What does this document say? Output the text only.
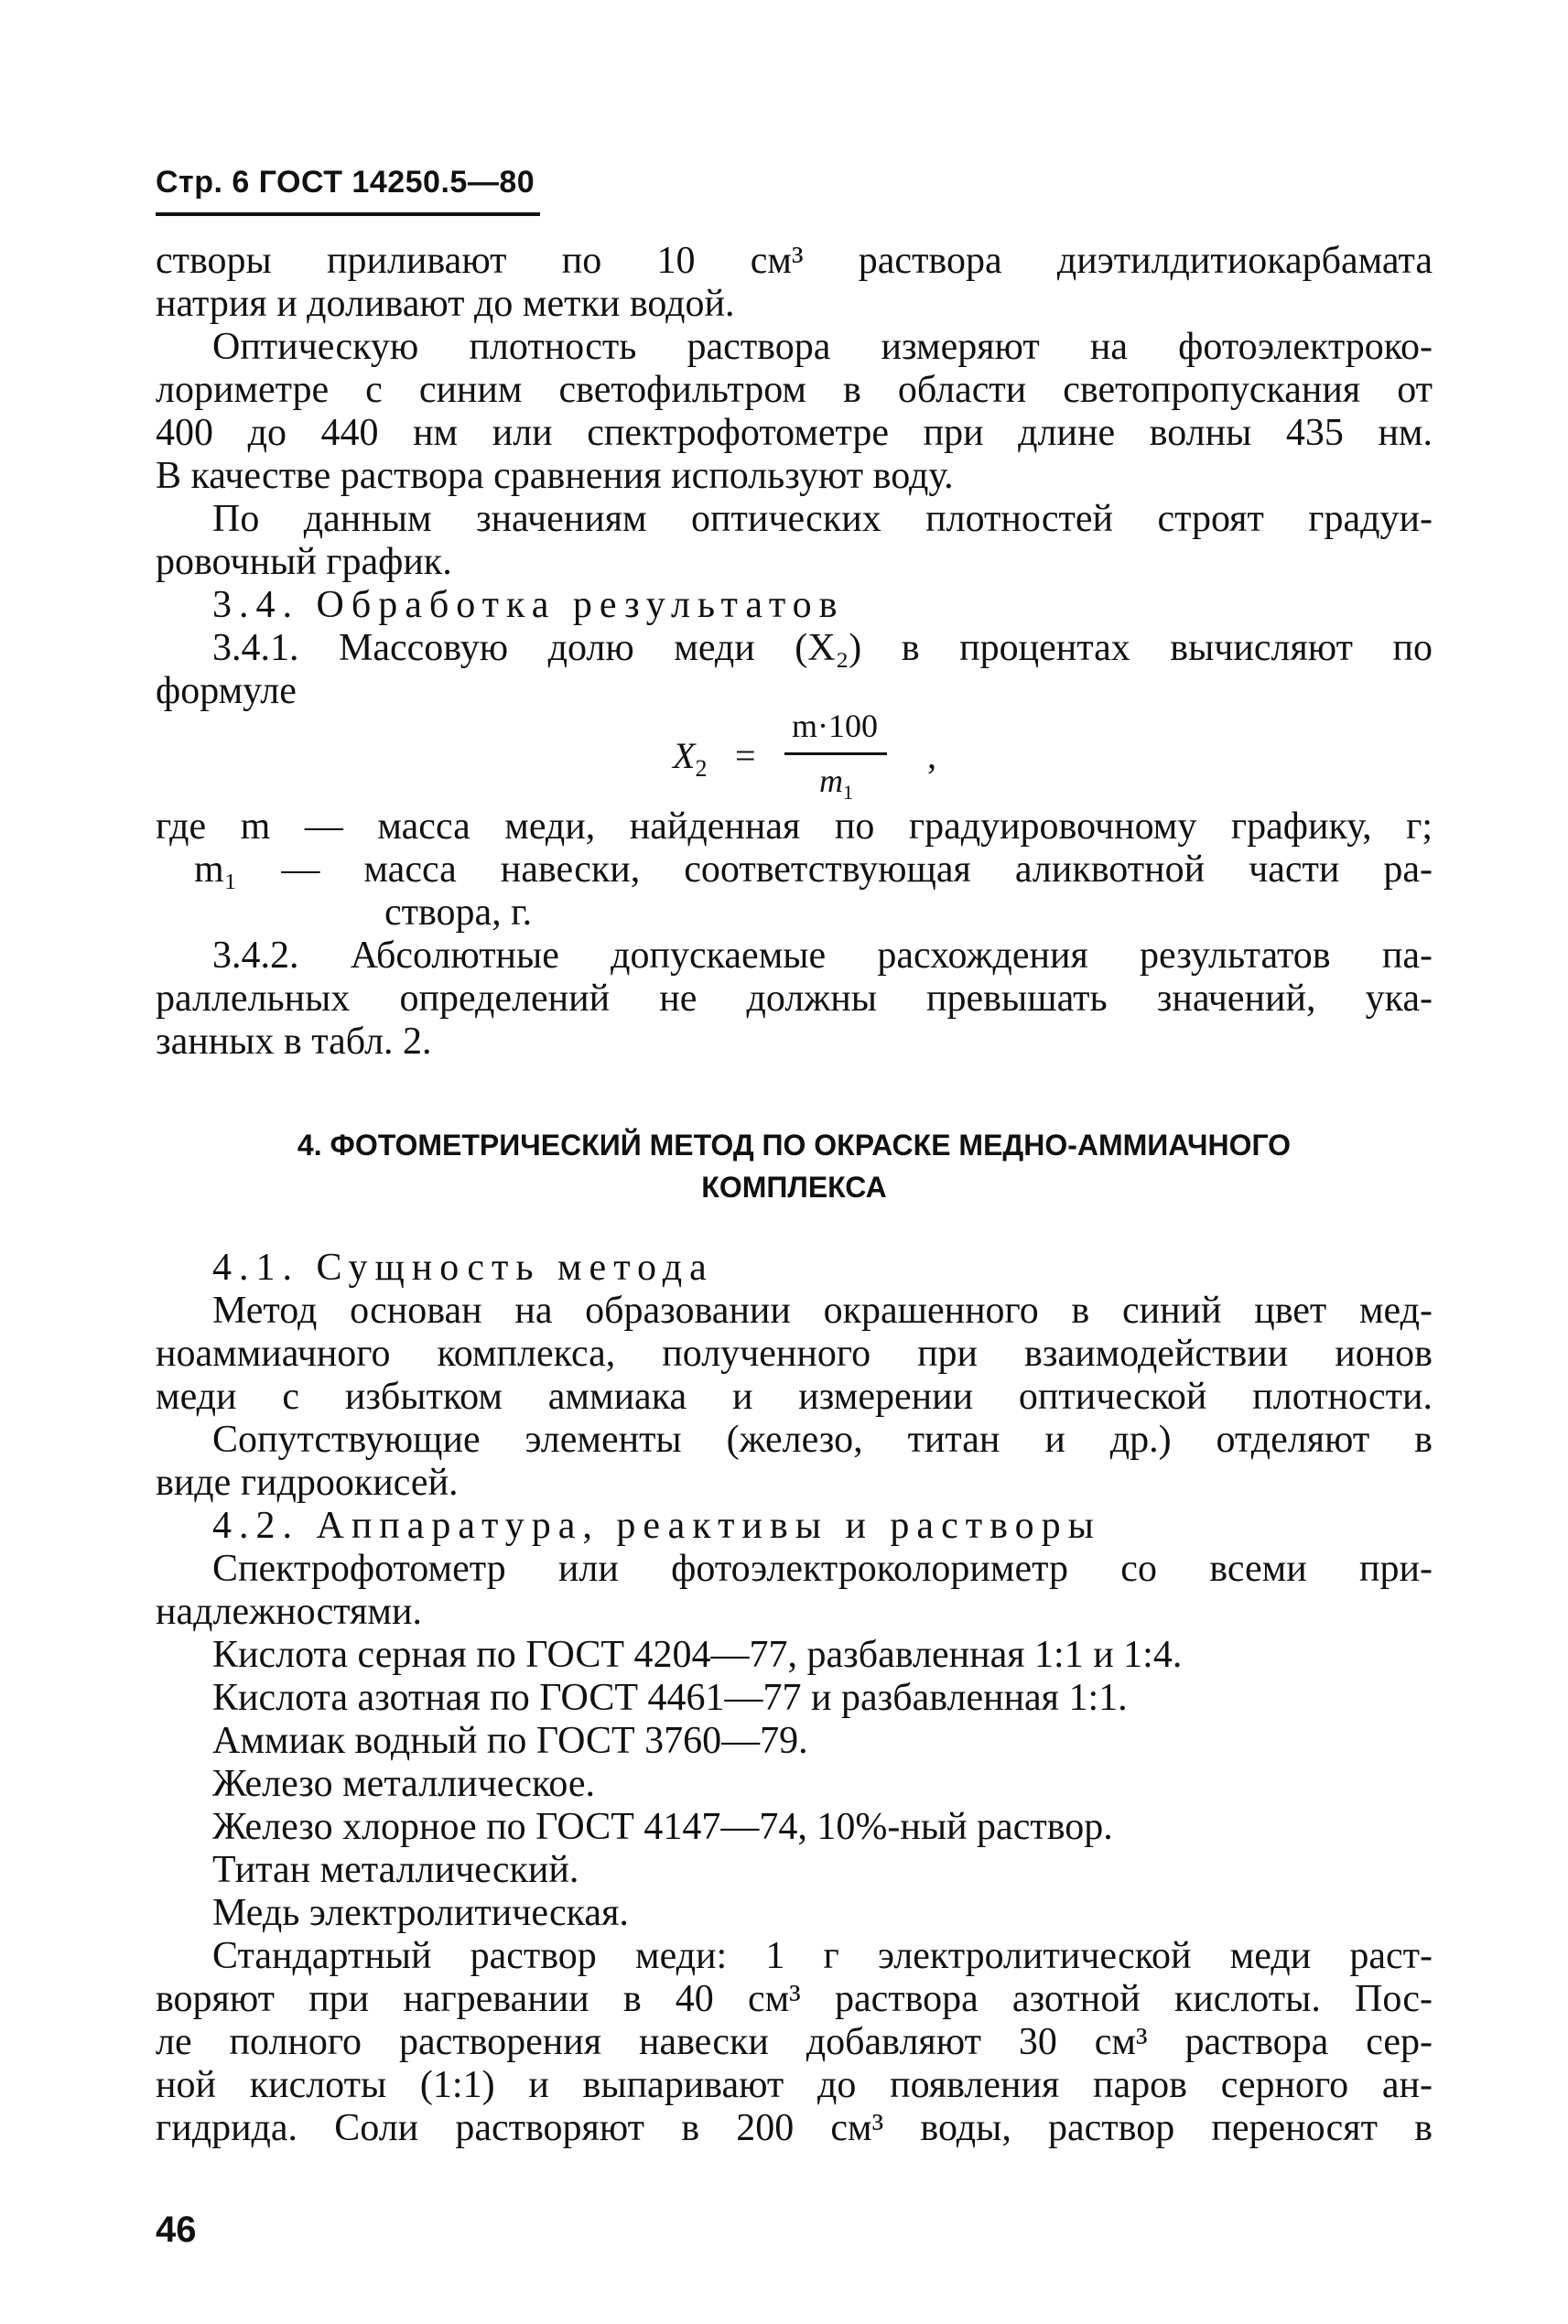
Стр. 6 ГОСТ 14250.5—80
створы приливают по 10 см³ раствора диэтилдитиокарбамата
натрия и доливают до метки водой.
Оптическую плотность раствора измеряют на фотоэлектроко-
лориметре с синим светофильтром в области светопропускания от
400 до 440 нм или спектрофотометре при длине волны 435 нм.
В качестве раствора сравнения используют воду.
По данным значениям оптических плотностей строят градуи-
ровочный график.
3.4. Обработка результатов
3.4.1. Массовую долю меди (X₂) в процентах вычисляют по
формуле
$X_2$ =
m·100
$m_1$
,
где m — масса меди, найденная по градуировочному графику, г;
m₁ — масса навески, соответствующая аликвотной части ра-
створа, г.
3.4.2. Абсолютные допускаемые расхождения результатов па-
раллельных определений не должны превышать значений, ука-
занных в табл. 2.
4. ФОТОМЕТРИЧЕСКИЙ МЕТОД ПО ОКРАСКЕ МЕДНО-АММИАЧНОГО
КОМПЛЕКСА
4.1. Сущность метода
Метод основан на образовании окрашенного в синий цвет мед-
ноаммиачного комплекса, полученного при взаимодействии ионов
меди с избытком аммиака и измерении оптической плотности.
Сопутствующие элементы (железо, титан и др.) отделяют в
виде гидроокисей.
4.2. Аппаратура, реактивы и растворы
Спектрофотометр или фотоэлектроколориметр со всеми при-
надлежностями.
Кислота серная по ГОСТ 4204—77, разбавленная 1:1 и 1:4.
Кислота азотная по ГОСТ 4461—77 и разбавленная 1:1.
Аммиак водный по ГОСТ 3760—79.
Железо металлическое.
Железо хлорное по ГОСТ 4147—74, 10%-ный раствор.
Титан металлический.
Медь электролитическая.
Стандартный раствор меди: 1 г электролитической меди раст-
воряют при нагревании в 40 см³ раствора азотной кислоты. Пос-
ле полного растворения навески добавляют 30 см³ раствора сер-
ной кислоты (1:1) и выпаривают до появления паров серного ан-
гидрида. Соли растворяют в 200 см³ воды, раствор переносят в
46
